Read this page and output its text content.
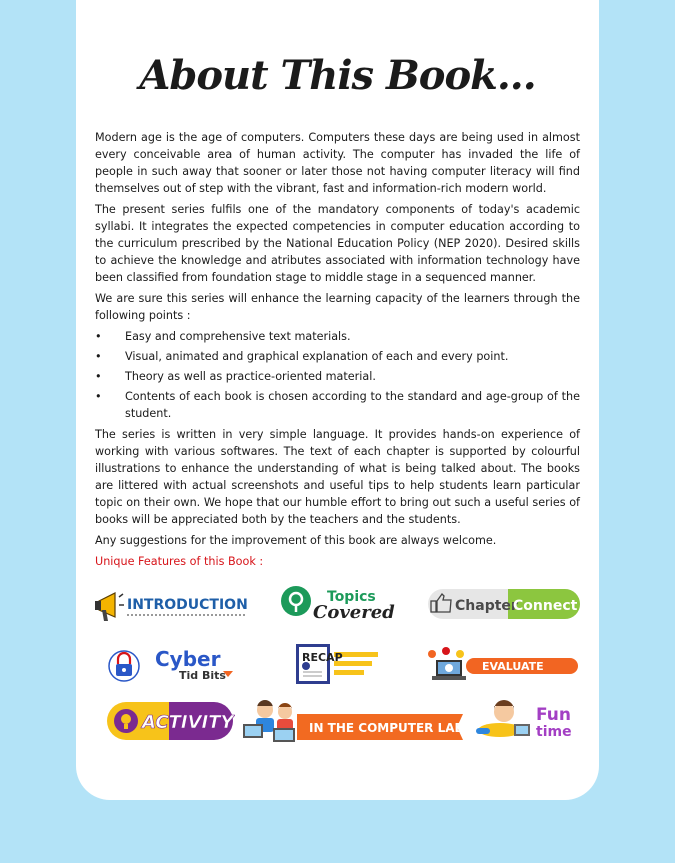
About This Book...

Modern age is the age of computers. Computers these days are being used in almost every conceivable area of human activity. The computer has invaded the life of people in such away that sooner or later those not having computer literacy will find themselves out of step with the vibrant, fast and information-rich modern world.

The present series fulfils one of the mandatory components of today's academic syllabi. It integrates the expected competencies in computer education according to the curriculum prescribed by the National Education Policy (NEP 2020). Desired skills to achieve the knowledge and atributes associated with information technology have been classified from foundation stage to middle stage in a sequenced manner.

We are sure this series will enhance the learning capacity of the learners through the following points :

• Easy and comprehensive text materials.
• Visual, animated and graphical explanation of each and every point.
• Theory as well as practice-oriented material.
• Contents of each book is chosen according to the standard and age-group of the student.

The series is written in very simple language. It provides hands-on experience of working with various softwares. The text of each chapter is supported by colourful illustrations to enhance the understanding of what is being talked about. The books are littered with actual screenshots and useful tips to help students learn particular topic on their own. We hope that our humble effort to bring out such a useful series of books will be appreciated both by the teachers and the students.

Any suggestions for the improvement of this book are always welcome.

Unique Features of this Book :

INTRODUCTION	Topics
Covered	Chapter
Connect
Cyber
Tid Bits
RECAP
EVALUATE
ACTIVITY	IN THE COMPUTER LAB
Fun
time
